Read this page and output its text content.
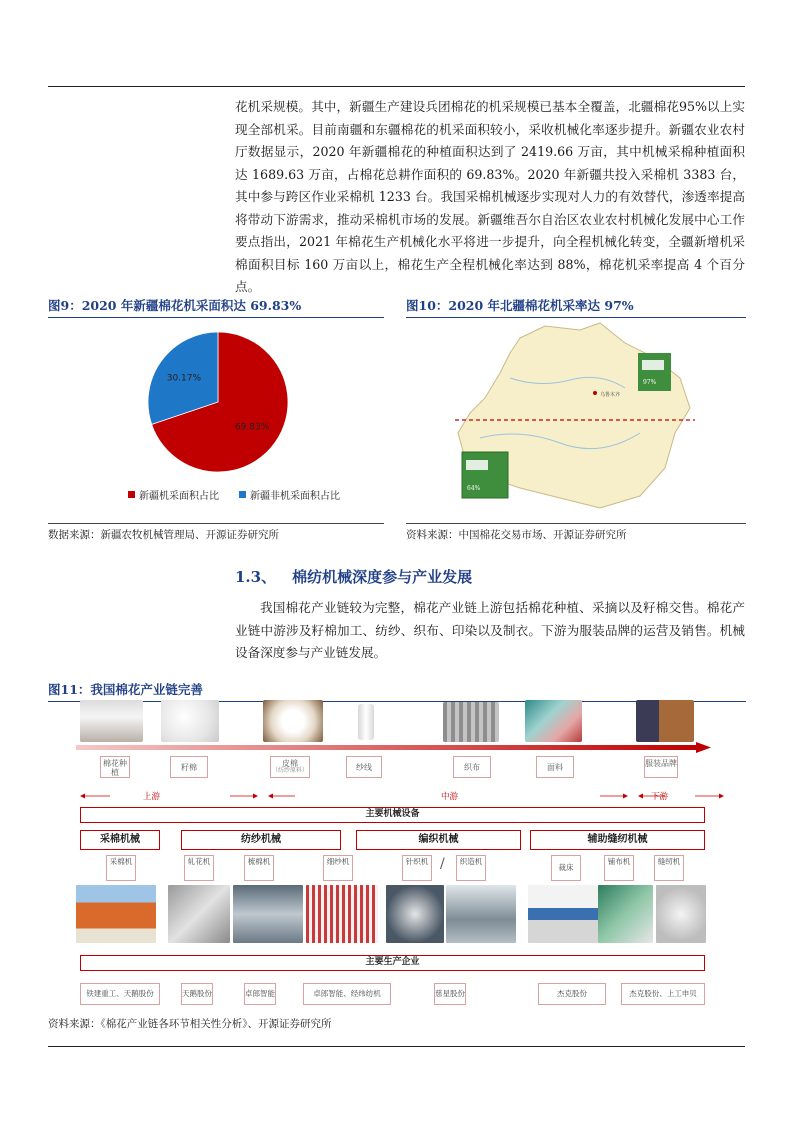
花机采规模。其中，新疆生产建设兵团棉花的机采规模已基本全覆盖，北疆棉花95%以上实现全部机采。目前南疆和东疆棉花的机采面积较小，采收机械化率逐步提升。新疆农业农村厅数据显示，2020 年新疆棉花的种植面积达到了 2419.66 万亩，其中机械采棉种植面积达 1689.63 万亩，占棉花总耕作面积的 69.83%。2020 年新疆共投入采棉机 3383 台，其中参与跨区作业采棉机 1233 台。我国采棉机械逐步实现对人力的有效替代，渗透率提高将带动下游需求，推动采棉机市场的发展。新疆维吾尔自治区农业农村机械化发展中心工作要点指出，2021 年棉花生产机械化水平将进一步提升，向全程机械化转变，全疆新增机采棉面积目标 160 万亩以上，棉花生产全程机械化率达到 88%，棉花机采率提高 4 个百分点。

图9：2020 年新疆棉花机采面积达 69.83%
69.83%
30.17%
新疆机采面积占比	新疆非机采面积占比
数据来源：新疆农牧机械管理局、开源证券研究所
图10：2020 年北疆棉花机采率达 97%
乌鲁木齐
97%
64%
资料来源：中国棉花交易市场、开源证券研究所
1.3、 棉纺机械深度参与产业发展
我国棉花产业链较为完整，棉花产业链上游包括棉花种植、采摘以及籽棉交售。棉花产业链中游涉及籽棉加工、纺纱、织布、印染以及制衣。下游为服装品牌的运营及销售。机械设备深度参与产业链发展。
图11：我国棉花产业链完善
棉花种植
籽棉	皮棉
（纺纱原料）	纱线	织布	面料	服装品牌
上游	中游	下游
主要机械设备
采棉机械	纺纱机械	编织机械	辅助缝纫机械
采棉机	轧花机	梳棉机	细纱机	针织机 /	织造机
裁床
铺布机	缝纫机
主要生产企业
铁建重工、天鹅股份	天鹅股份	卓郎智能	卓郎智能、经纬纺机	慈星股份	杰克股份	杰克股份、上工申贝
资料来源：《棉花产业链各环节相关性分析》、开源证券研究所
